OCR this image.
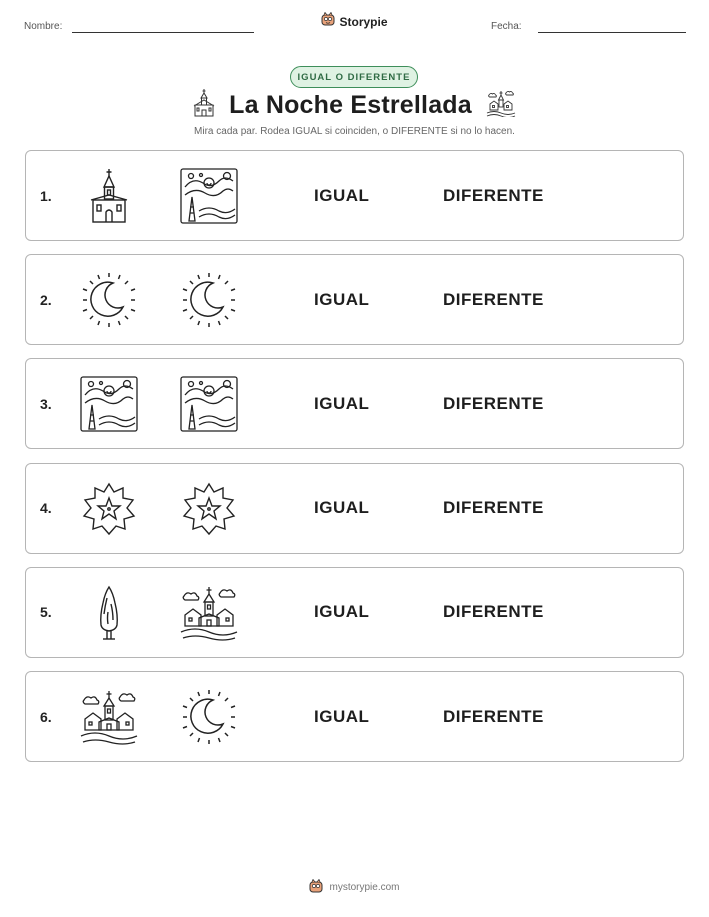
Nombre:	Storypie	Fecha:
IGUAL O DIFERENTE
La Noche Estrellada
Mira cada par. Rodea IGUAL si coinciden, o DIFERENTE si no lo hacen.
1.	IGUAL	DIFERENTE
2.	IGUAL	DIFERENTE
3.	IGUAL	DIFERENTE
4.	IGUAL	DIFERENTE
5.	IGUAL	DIFERENTE
6.	IGUAL	DIFERENTE
mystorypie.com
